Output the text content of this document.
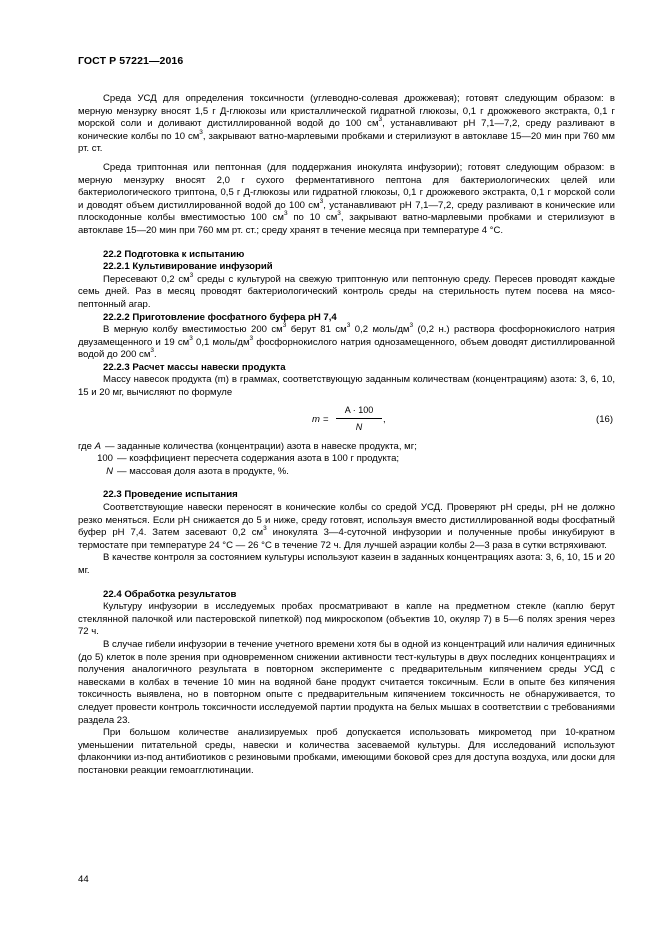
ГОСТ Р 57221—2016

Среда УСД для определения токсичности (углеводно-солевая дрожжевая); готовят следующим образом: в мерную мензурку вносят 1,5 г Д-глюкозы или кристаллической гидратной глюкозы, 0,1 г дрожжевого экстракта, 0,1 г морской соли и доливают дистиллированной водой до 100 $см^3$, устанавливают pH 7,1—7,2, среду разливают в конические колбы по 10 $см^3$, закрывают ватно-марлевыми пробками и стерилизуют в автоклаве 15—20 мин при 760 мм рт. ст.

Среда триптонная или пептонная (для поддержания инокулята инфузории); готовят следующим образом: в мерную мензурку вносят 2,0 г сухого ферментативного пептона для бактериологических целей или бактериологического триптона, 0,5 г Д-глюкозы или гидратной глюкозы, 0,1 г дрожжевого экстракта, 0,1 г морской соли и доводят объем дистиллированной водой до 100 $см^3$, устанавливают pH 7,1—7,2, среду разливают в конические или плоскодонные колбы вместимостью 100 $см^3$ по 10 $см^3$, закрывают ватно-марлевыми пробками и стерилизуют в автоклаве 15—20 мин при 760 мм рт. ст.; среду хранят в течение месяца при температуре 4 °С.

22.2 Подготовка к испытанию
22.2.1 Культивирование инфузорий

Пересевают 0,2 $см^3$ среды с культурой на свежую триптонную или пептонную среду. Пересев проводят каждые семь дней. Раз в месяц проводят бактериологический контроль среды на стерильность путем посева на мясо-пептонный агар.

22.2.2 Приготовление фосфатного буфера pH 7,4

В мерную колбу вместимостью 200 $см^3$ берут 81 $см^3$ 0,2 моль/$дм^3$ (0,2 н.) раствора фосфорнокислого натрия двузамещенного и 19 $см^3$ 0,1 моль/$дм^3$ фосфорнокислого натрия однозамещенного, объем доводят дистиллированной водой до 200 $см^3$.

22.2.3 Расчет массы навески продукта

Массу навесок продукта (m) в граммах, соответствующую заданным количествам (концентрациям) азота: 3, 6, 10, 15 и 20 мг, вычисляют по формуле

m =
A · 100
N
,	(16)
где A — заданные количества (концентрации) азота в навеске продукта, мг;
100 — коэффициент пересчета содержания азота в 100 г продукта;
N — массовая доля азота в продукте, %.
22.3 Проведение испытания

Соответствующие навески переносят в конические колбы со средой УСД. Проверяют pH среды, pH не должно резко меняться. Если pH снижается до 5 и ниже, среду готовят, используя вместо дистиллированной воды фосфатный буфер pH 7,4. Затем засевают 0,2 $см^3$ инокулята 3—4-суточной инфузории и полученные пробы инкубируют в термостате при температуре 24 °С — 26 °С в течение 72 ч. Для лучшей аэрации колбы 2—3 раза в сутки встряхивают.

В качестве контроля за состоянием культуры используют казеин в заданных концентрациях азота: 3, 6, 10, 15 и 20 мг.

22.4 Обработка результатов

Культуру инфузории в исследуемых пробах просматривают в капле на предметном стекле (каплю берут стеклянной палочкой или пастеровской пипеткой) под микроскопом (объектив 10, окуляр 7) в 5—6 полях зрения через 72 ч.

В случае гибели инфузории в течение учетного времени хотя бы в одной из концентраций или наличия единичных (до 5) клеток в поле зрения при одновременном снижении активности тест-культуры в двух последних концентрациях и получения аналогичного результата в повторном эксперименте с предварительным кипячением среды УСД с навесками в колбах в течение 10 мин на водяной бане продукт считается токсичным. Если в опыте без кипячения токсичность выявлена, но в повторном опыте с предварительным кипячением токсичность не обнаруживается, то следует провести контроль токсичности исследуемой партии продукта на белых мышах в соответствии с требованиями раздела 23.

При большом количестве анализируемых проб допускается использовать микрометод при 10-кратном уменьшении питательной среды, навески и количества засеваемой культуры. Для исследований используют флакончики из-под антибиотиков с резиновыми пробками, имеющими боковой срез для доступа воздуха, или доски для постановки реакции гемоагглютинации.

44
